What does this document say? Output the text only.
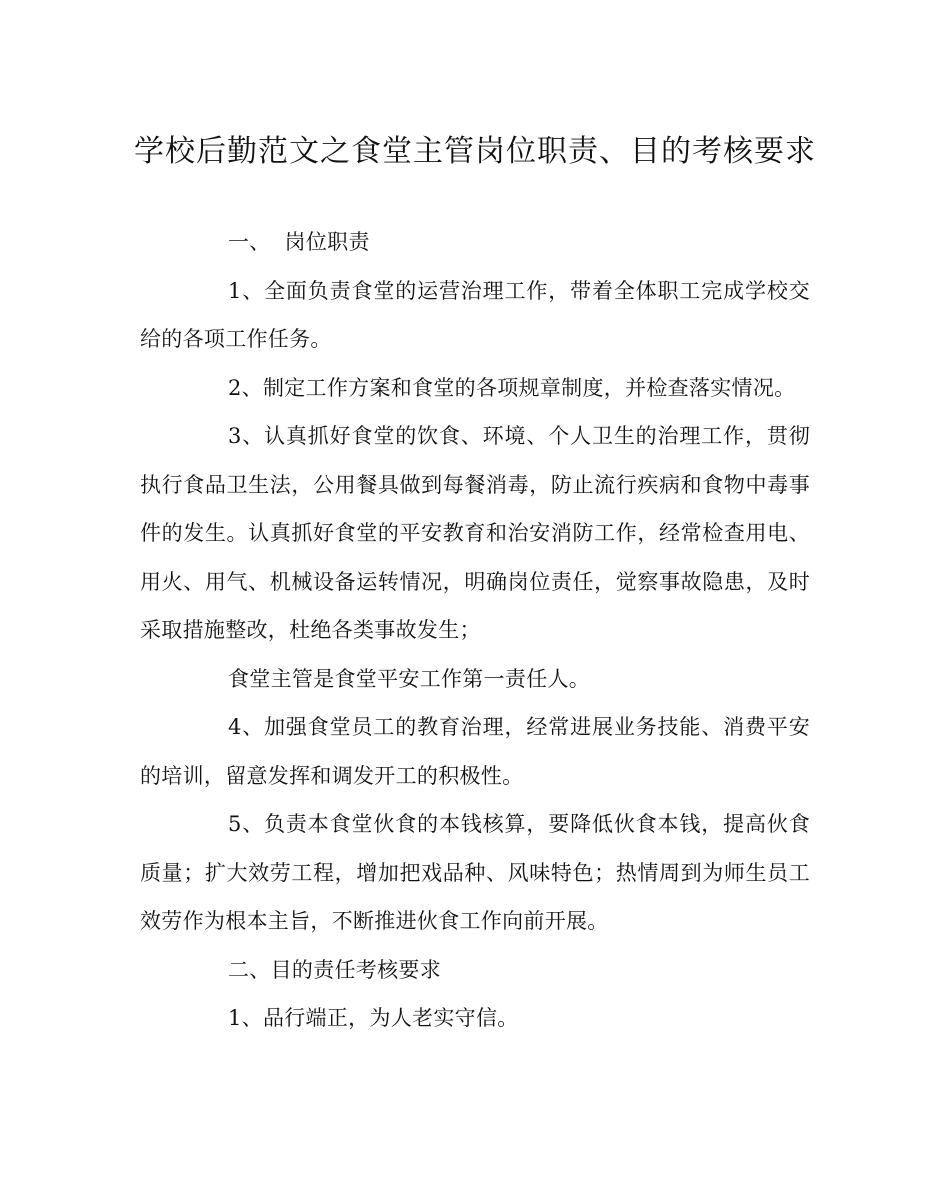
学校后勤范文之食堂主管岗位职责、目的考核要求

一、  岗位职责

1、全面负责食堂的运营治理工作，带着全体职工完成学校交给的各项工作任务。

2、制定工作方案和食堂的各项规章制度，并检查落实情况。

3、认真抓好食堂的饮食、环境、个人卫生的治理工作，贯彻执行食品卫生法，公用餐具做到每餐消毒，防止流行疾病和食物中毒事件的发生。认真抓好食堂的平安教育和治安消防工作，经常检查用电、用火、用气、机械设备运转情况，明确岗位责任，觉察事故隐患，及时采取措施整改，杜绝各类事故发生；

食堂主管是食堂平安工作第一责任人。

4、加强食堂员工的教育治理，经常进展业务技能、消费平安的培训，留意发挥和调发开工的积极性。

5、负责本食堂伙食的本钱核算，要降低伙食本钱，提高伙食质量；扩大效劳工程，增加把戏品种、风味特色；热情周到为师生员工效劳作为根本主旨，不断推进伙食工作向前开展。

二、目的责任考核要求

1、品行端正，为人老实守信。
